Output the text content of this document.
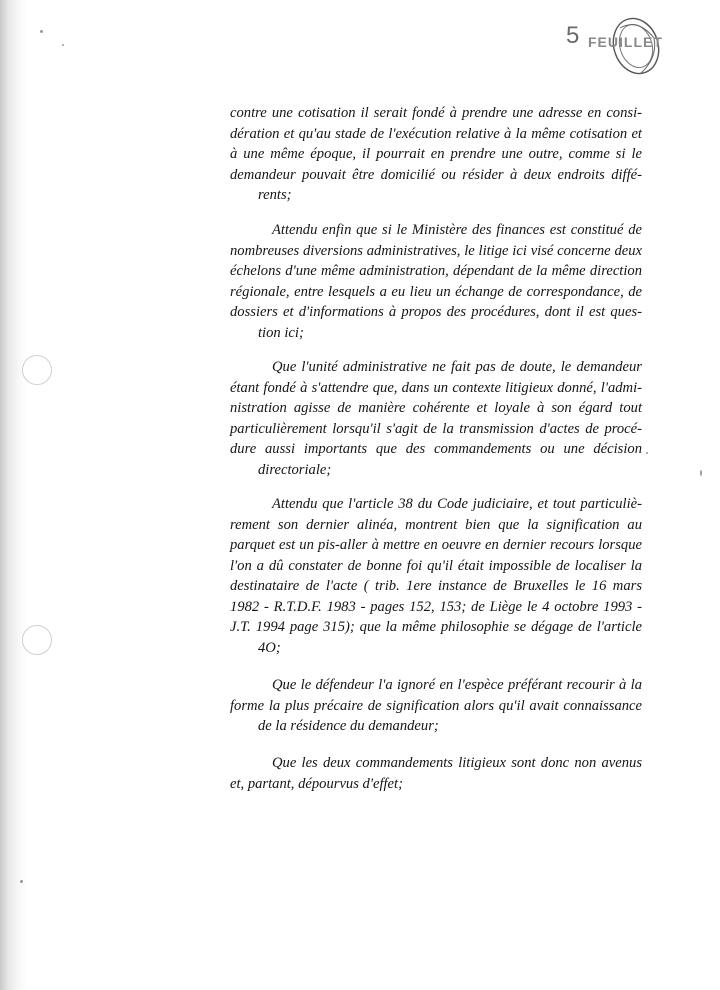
5 FEUILLET
contre une cotisation il serait fondé à prendre une adresse en consi-
dération et qu'au stade de l'exécution relative à la même cotisation et
à une même époque, il pourrait en prendre une outre, comme si le
demandeur pouvait être domicilié ou résider à deux endroits diffé-
rents;
Attendu enfin que si le Ministère des finances est constitué de
nombreuses diversions administratives, le litige ici visé concerne deux
échelons d'une même administration, dépendant de la même direction
régionale, entre lesquels a eu lieu un échange de correspondance, de
dossiers et d'informations à propos des procédures, dont il est ques-
tion ici;
Que l'unité administrative ne fait pas de doute, le demandeur
étant fondé à s'attendre que, dans un contexte litigieux donné, l'admi-
nistration agisse de manière cohérente et loyale à son égard tout
particulièrement lorsqu'il s'agit de la transmission d'actes de procé-
dure aussi importants que des commandements ou une décision
directoriale;
Attendu que l'article 38 du Code judiciaire, et tout particuliè-
rement son dernier alinéa, montrent bien que la signification au
parquet est un pis-aller à mettre en oeuvre en dernier recours lorsque
l'on a dû constater de bonne foi qu'il était impossible de localiser la
destinataire de l'acte ( trib. 1ere instance de Bruxelles le 16 mars
1982 - R.T.D.F. 1983 - pages 152, 153; de Liège le 4 octobre 1993 -
J.T. 1994 page 315); que la même philosophie se dégage de l'article
4O;
Que le défendeur l'a ignoré en l'espèce préférant recourir à la
forme la plus précaire de signification alors qu'il avait connaissance
de la résidence du demandeur;
Que les deux commandements litigieux sont donc non avenus
et, partant, dépourvus d'effet;
